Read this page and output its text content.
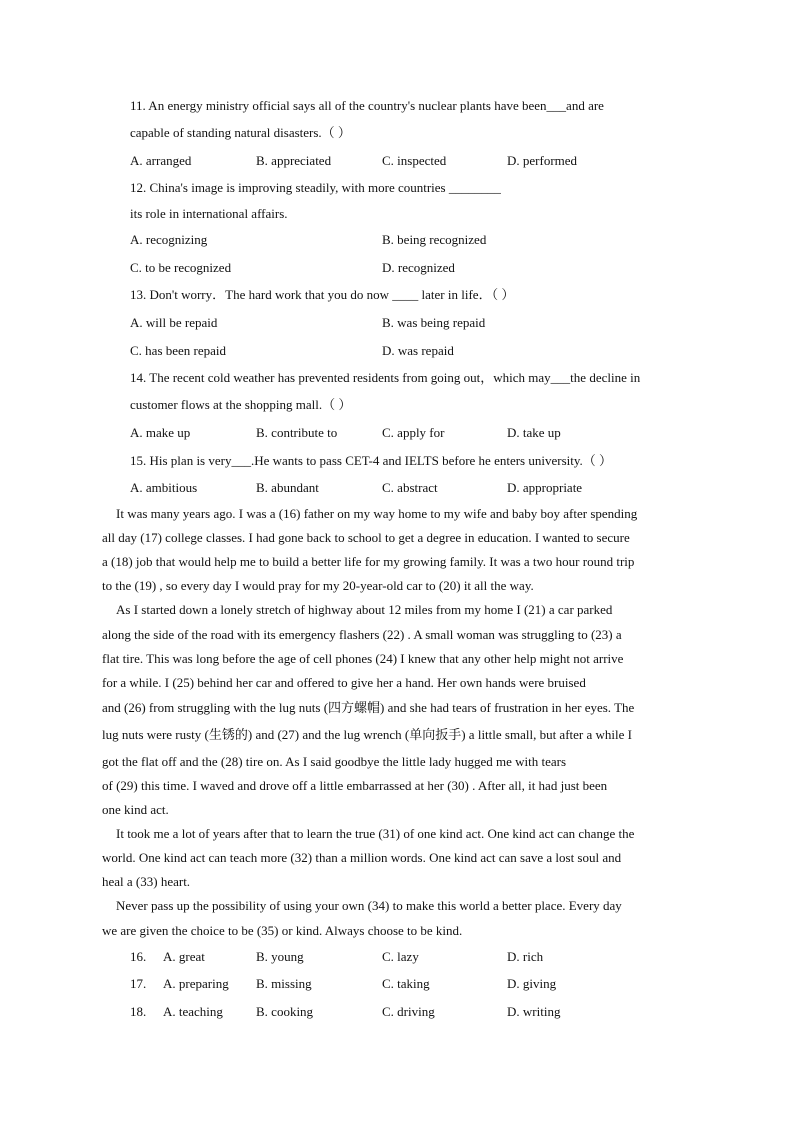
11. An energy ministry official says all of the country's nuclear plants have been___and are
capable of standing natural disasters.（ ）
A. arranged	B. appreciated	C. inspected	D. performed
12. China's image is improving steadily, with more countries ________
its role in international affairs.
A. recognizing	B. being recognized
C. to be recognized	D. recognized
13. Don't worry．The hard work that you do now ____ later in life．（ ）
A. will be repaid	B. was being repaid
C. has been repaid	D. was repaid
14. The recent cold weather has prevented residents from going out，which may___the decline in
customer flows at the shopping mall.（ ）
A. make up	B. contribute to	C. apply for	D. take up
15. His plan is very___.He wants to pass CET-4 and IELTS before he enters university.（ ）
A. ambitious	B. abundant	C. abstract	D. appropriate
It was many years ago. I was a (16) father on my way home to my wife and baby boy after spending
all day (17) college classes. I had gone back to school to get a degree in education. I wanted to secure
a (18) job that would help me to build a better life for my growing family. It was a two hour round trip
to the (19) , so every day I would pray for my 20-year-old car to (20) it all the way.
As I started down a lonely stretch of highway about 12 miles from my home I (21) a car parked
along the side of the road with its emergency flashers (22) . A small woman was struggling to (23) a
flat tire. This was long before the age of cell phones (24) I knew that any other help might not arrive
for a while. I (25) behind her car and offered to give her a hand. Her own hands were bruised
and (26) from struggling with the lug nuts (四方螺帽) and she had tears of frustration in her eyes. The
lug nuts were rusty (生锈的) and (27) and the lug wrench (单向扳手) a little small, but after a while I
got the flat off and the (28) tire on. As I said goodbye the little lady hugged me with tears
of (29) this time. I waved and drove off a little embarrassed at her (30) . After all, it had just been
one kind act.
It took me a lot of years after that to learn the true (31) of one kind act. One kind act can change the
world. One kind act can teach more (32) than a million words. One kind act can save a lost soul and
heal a (33) heart.
Never pass up the possibility of using your own (34) to make this world a better place. Every day
we are given the choice to be (35) or kind. Always choose to be kind.
16. A. great	B. young	C. lazy	D. rich
17. A. preparing B. missing	C. taking	D. giving
18. A. teaching	B. cooking	C. driving	D. writing
